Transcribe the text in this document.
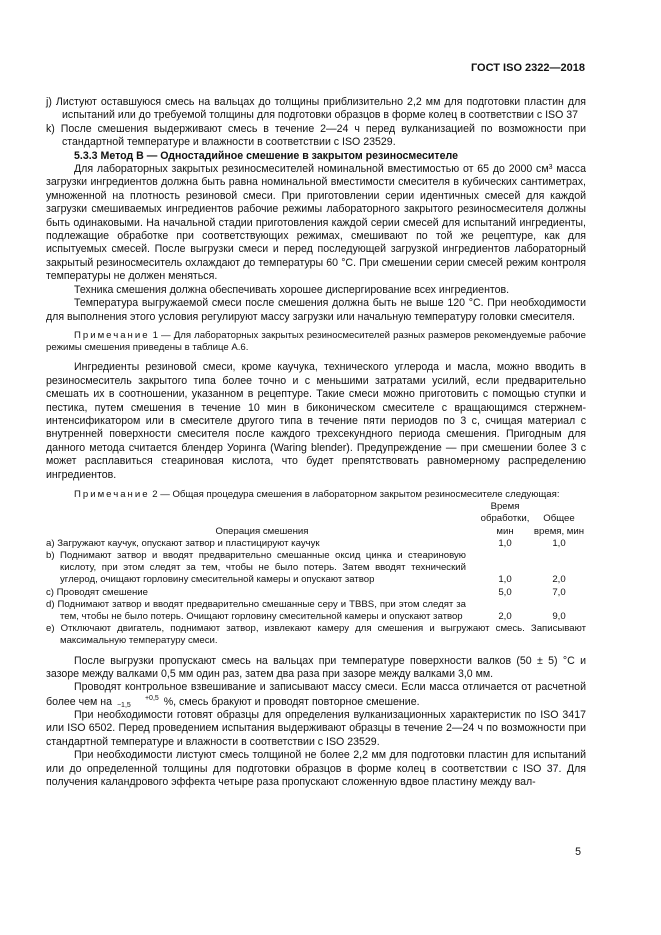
ГОСТ ISO 2322—2018

j) Листуют оставшуюся смесь на вальцах до толщины приблизительно 2,2 мм для подготовки пластин для испытаний или до требуемой толщины для подготовки образцов в форме колец в соответствии с ISO 37

k) После смешения выдерживают смесь в течение 2—24 ч перед вулканизацией по возможности при стандартной температуре и влажности в соответствии с ISO 23529.

5.3.3 Метод В — Одностадийное смешение в закрытом резиносмесителе

Для лабораторных закрытых резиносмесителей номинальной вместимостью от 65 до 2000 $см^3$ масса загрузки ингредиентов должна быть равна номинальной вместимости смесителя в кубических сантиметрах, умноженной на плотность резиновой смеси. При приготовлении серии идентичных смесей для каждой загрузки смешиваемых ингредиентов рабочие режимы лабораторного закрытого резиносмесителя должны быть одинаковыми. На начальной стадии приготовления каждой серии смесей для испытаний ингредиенты, подлежащие обработке при соответствующих режимах, смешивают по той же рецептуре, как для испытуемых смесей. После выгрузки смеси и перед последующей загрузкой ингредиентов лабораторный закрытый резиносмеситель охлаждают до температуры 60 °С. При смешении серии смесей режим контроля температуры не должен меняться.

Техника смешения должна обеспечивать хорошее диспергирование всех ингредиентов.

Температура выгружаемой смеси после смешения должна быть не выше 120 °С. При необходимости для выполнения этого условия регулируют массу загрузки или начальную температуру головки смесителя.

Примечание 1 — Для лабораторных закрытых резиносмесителей разных размеров рекомендуемые рабочие режимы смешения приведены в таблице А.6.

Ингредиенты резиновой смеси, кроме каучука, технического углерода и масла, можно вводить в резиносмеситель закрытого типа более точно и с меньшими затратами усилий, если предварительно смешать их в соотношении, указанном в рецептуре. Такие смеси можно приготовить с помощью ступки и пестика, путем смешения в течение 10 мин в биконическом смесителе с вращающимся стержнем-интенсификатором или в смесителе другого типа в течение пяти периодов по 3 с, счищая материал с внутренней поверхности смесителя после каждого трехсекундного периода смешения. Пригодным для данного метода считается блендер Уоринга (Waring blender). Предупреждение — при смешении более 3 с может расплавиться стеариновая кислота, что будет препятствовать равномерному распределению ингредиентов.

Примечание 2 — Общая процедура смешения в лабораторном закрытом резиносмесителе следующая:

Операция смешения	Время обработки, мин	Общее время, мин
a) Загружают каучук, опускают затвор и пластицируют каучук	1,0	1,0
b) Поднимают затвор и вводят предварительно смешанные оксид цинка и стеариновую кислоту, при этом следят за тем, чтобы не было потерь. Затем вводят технический углерод, очищают горловину смесительной камеры и опускают затвор	1,0	2,0
c) Проводят смешение	5,0	7,0
d) Поднимают затвор и вводят предварительно смешанные серу и TBBS, при этом следят за тем, чтобы не было потерь. Очищают горловину смесительной камеры и опускают затвор	2,0	9,0

e) Отключают двигатель, поднимают затвор, извлекают камеру для смешения и выгружают смесь. Записывают максимальную температуру смеси.

После выгрузки пропускают смесь на вальцах при температуре поверхности валков (50 ± 5) °С и зазоре между валками 0,5 мм один раз, затем два раза при зазоре между валками 3,0 мм.

Проводят контрольное взвешивание и записывают массу смеси. Если масса отличается от расчетной более чем на	+0,5
−1,5	%, смесь бракуют и проводят повторное смешение.

При необходимости готовят образцы для определения вулканизационных характеристик по ISO 3417 или ISO 6502. Перед проведением испытания выдерживают образцы в течение 2—24 ч по возможности при стандартной температуре и влажности в соответствии с ISO 23529.

При необходимости листуют смесь толщиной не более 2,2 мм для подготовки пластин для испытаний или до определенной толщины для подготовки образцов в форме колец в соответствии с ISO 37. Для получения каландрового эффекта четыре раза пропускают сложенную вдвое пластину между вал-

5
